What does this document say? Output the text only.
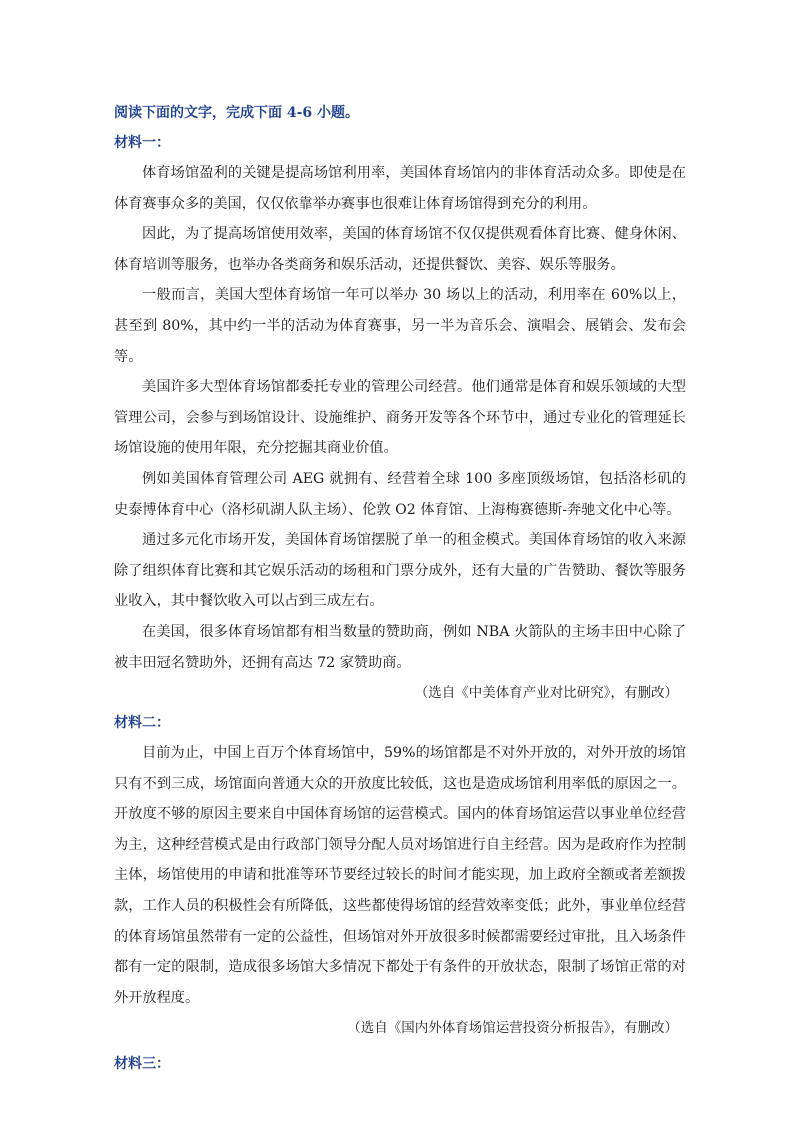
阅读下面的文字，完成下面 4-6 小题。

材料一：

体育场馆盈利的关键是提高场馆利用率，美国体育场馆内的非体育活动众多。即使是在体育赛事众多的美国，仅仅依靠举办赛事也很难让体育场馆得到充分的利用。

因此，为了提高场馆使用效率，美国的体育场馆不仅仅提供观看体育比赛、健身休闲、体育培训等服务，也举办各类商务和娱乐活动，还提供餐饮、美容、娱乐等服务。

一般而言，美国大型体育场馆一年可以举办 30 场以上的活动，利用率在 60%以上，甚至到 80%，其中约一半的活动为体育赛事，另一半为音乐会、演唱会、展销会、发布会等。

美国许多大型体育场馆都委托专业的管理公司经营。他们通常是体育和娱乐领域的大型管理公司，会参与到场馆设计、设施维护、商务开发等各个环节中，通过专业化的管理延长场馆设施的使用年限，充分挖掘其商业价值。

例如美国体育管理公司 AEG 就拥有、经营着全球 100 多座顶级场馆，包括洛杉矶的史泰博体育中心（洛杉矶湖人队主场）、伦敦 O2 体育馆、上海梅赛德斯-奔驰文化中心等。

通过多元化市场开发，美国体育场馆摆脱了单一的租金模式。美国体育场馆的收入来源除了组织体育比赛和其它娱乐活动的场租和门票分成外，还有大量的广告赞助、餐饮等服务业收入，其中餐饮收入可以占到三成左右。

在美国，很多体育场馆都有相当数量的赞助商，例如 NBA 火箭队的主场丰田中心除了被丰田冠名赞助外，还拥有高达 72 家赞助商。

（选自《中美体育产业对比研究》，有删改）

材料二：

目前为止，中国上百万个体育场馆中，59%的场馆都是不对外开放的，对外开放的场馆只有不到三成，场馆面向普通大众的开放度比较低，这也是造成场馆利用率低的原因之一。开放度不够的原因主要来自中国体育场馆的运营模式。国内的体育场馆运营以事业单位经营为主，这种经营模式是由行政部门领导分配人员对场馆进行自主经营。因为是政府作为控制主体，场馆使用的申请和批准等环节要经过较长的时间才能实现，加上政府全额或者差额拨款，工作人员的积极性会有所降低，这些都使得场馆的经营效率变低；此外，事业单位经营的体育场馆虽然带有一定的公益性，但场馆对外开放很多时候都需要经过审批，且入场条件都有一定的限制，造成很多场馆大多情况下都处于有条件的开放状态，限制了场馆正常的对外开放程度。

（选自《国内外体育场馆运营投资分析报告》，有删改）

材料三：
